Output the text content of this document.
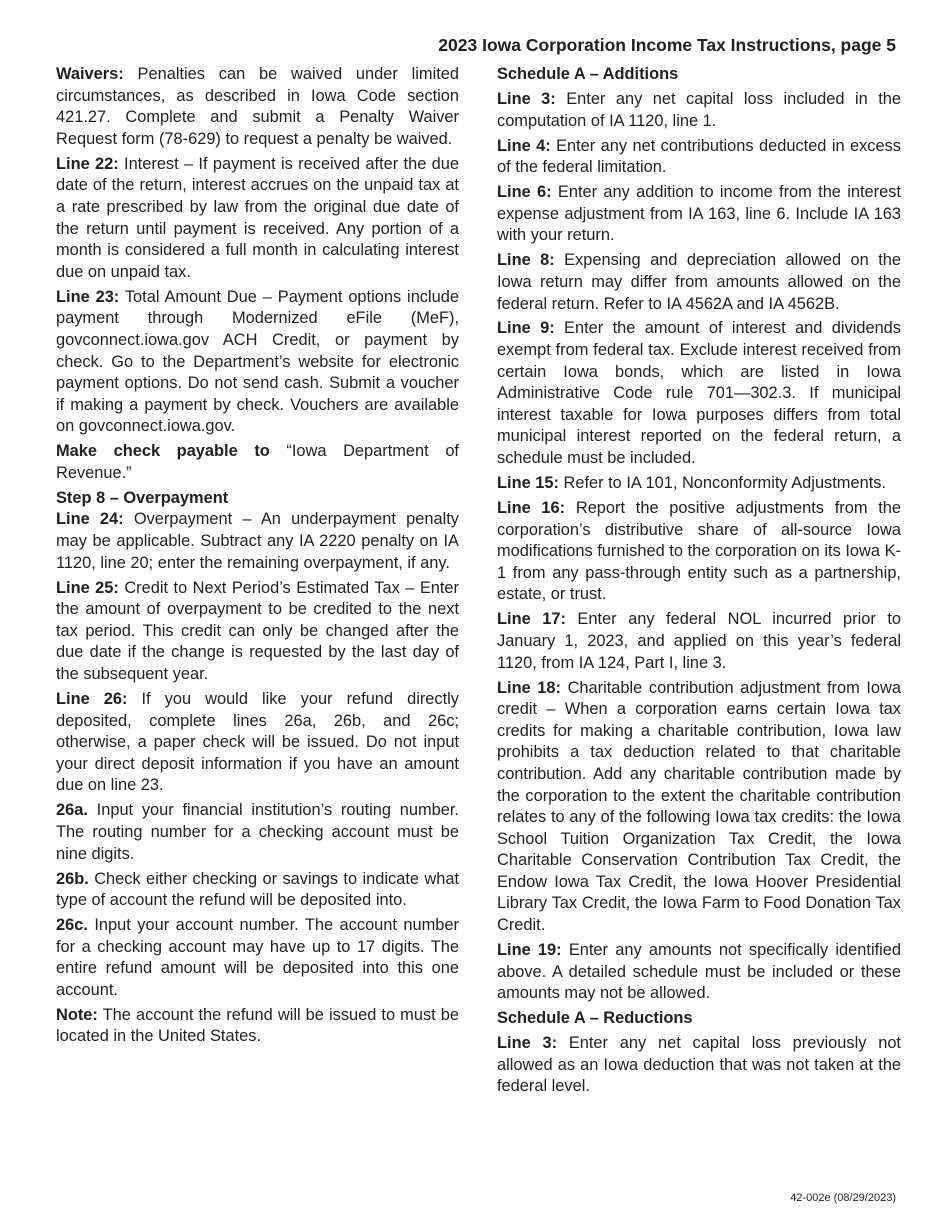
2023 Iowa Corporation Income Tax Instructions, page 5

Waivers: Penalties can be waived under limited circumstances, as described in Iowa Code section 421.27. Complete and submit a Penalty Waiver Request form (78-629) to request a penalty be waived.

Line 22: Interest – If payment is received after the due date of the return, interest accrues on the unpaid tax at a rate prescribed by law from the original due date of the return until payment is received. Any portion of a month is considered a full month in calculating interest due on unpaid tax.

Line 23: Total Amount Due – Payment options include payment through Modernized eFile (MeF), govconnect.iowa.gov ACH Credit, or payment by check. Go to the Department’s website for electronic payment options. Do not send cash. Submit a voucher if making a payment by check. Vouchers are available on govconnect.iowa.gov.

Make check payable to “Iowa Department of Revenue.”

Step 8 – Overpayment

Line 24: Overpayment – An underpayment penalty may be applicable. Subtract any IA 2220 penalty on IA 1120, line 20; enter the remaining overpayment, if any.

Line 25: Credit to Next Period’s Estimated Tax – Enter the amount of overpayment to be credited to the next tax period. This credit can only be changed after the due date if the change is requested by the last day of the subsequent year.

Line 26: If you would like your refund directly deposited, complete lines 26a, 26b, and 26c; otherwise, a paper check will be issued. Do not input your direct deposit information if you have an amount due on line 23.

26a. Input your financial institution’s routing number. The routing number for a checking account must be nine digits.

26b. Check either checking or savings to indicate what type of account the refund will be deposited into.

26c. Input your account number. The account number for a checking account may have up to 17 digits. The entire refund amount will be deposited into this one account.

Note: The account the refund will be issued to must be located in the United States.

Schedule A – Additions

Line 3: Enter any net capital loss included in the computation of IA 1120, line 1.

Line 4: Enter any net contributions deducted in excess of the federal limitation.

Line 6: Enter any addition to income from the interest expense adjustment from IA 163, line 6. Include IA 163 with your return.

Line 8: Expensing and depreciation allowed on the Iowa return may differ from amounts allowed on the federal return. Refer to IA 4562A and IA 4562B.

Line 9: Enter the amount of interest and dividends exempt from federal tax. Exclude interest received from certain Iowa bonds, which are listed in Iowa Administrative Code rule 701—302.3. If municipal interest taxable for Iowa purposes differs from total municipal interest reported on the federal return, a schedule must be included.

Line 15: Refer to IA 101, Nonconformity Adjustments.

Line 16: Report the positive adjustments from the corporation’s distributive share of all-source Iowa modifications furnished to the corporation on its Iowa K-1 from any pass-through entity such as a partnership, estate, or trust.

Line 17: Enter any federal NOL incurred prior to January 1, 2023, and applied on this year’s federal 1120, from IA 124, Part I, line 3.

Line 18: Charitable contribution adjustment from Iowa credit – When a corporation earns certain Iowa tax credits for making a charitable contribution, Iowa law prohibits a tax deduction related to that charitable contribution. Add any charitable contribution made by the corporation to the extent the charitable contribution relates to any of the following Iowa tax credits: the Iowa School Tuition Organization Tax Credit, the Iowa Charitable Conservation Contribution Tax Credit, the Endow Iowa Tax Credit, the Iowa Hoover Presidential Library Tax Credit, the Iowa Farm to Food Donation Tax Credit.

Line 19: Enter any amounts not specifically identified above. A detailed schedule must be included or these amounts may not be allowed.

Schedule A – Reductions

Line 3: Enter any net capital loss previously not allowed as an Iowa deduction that was not taken at the federal level.

42-002e (08/29/2023)
